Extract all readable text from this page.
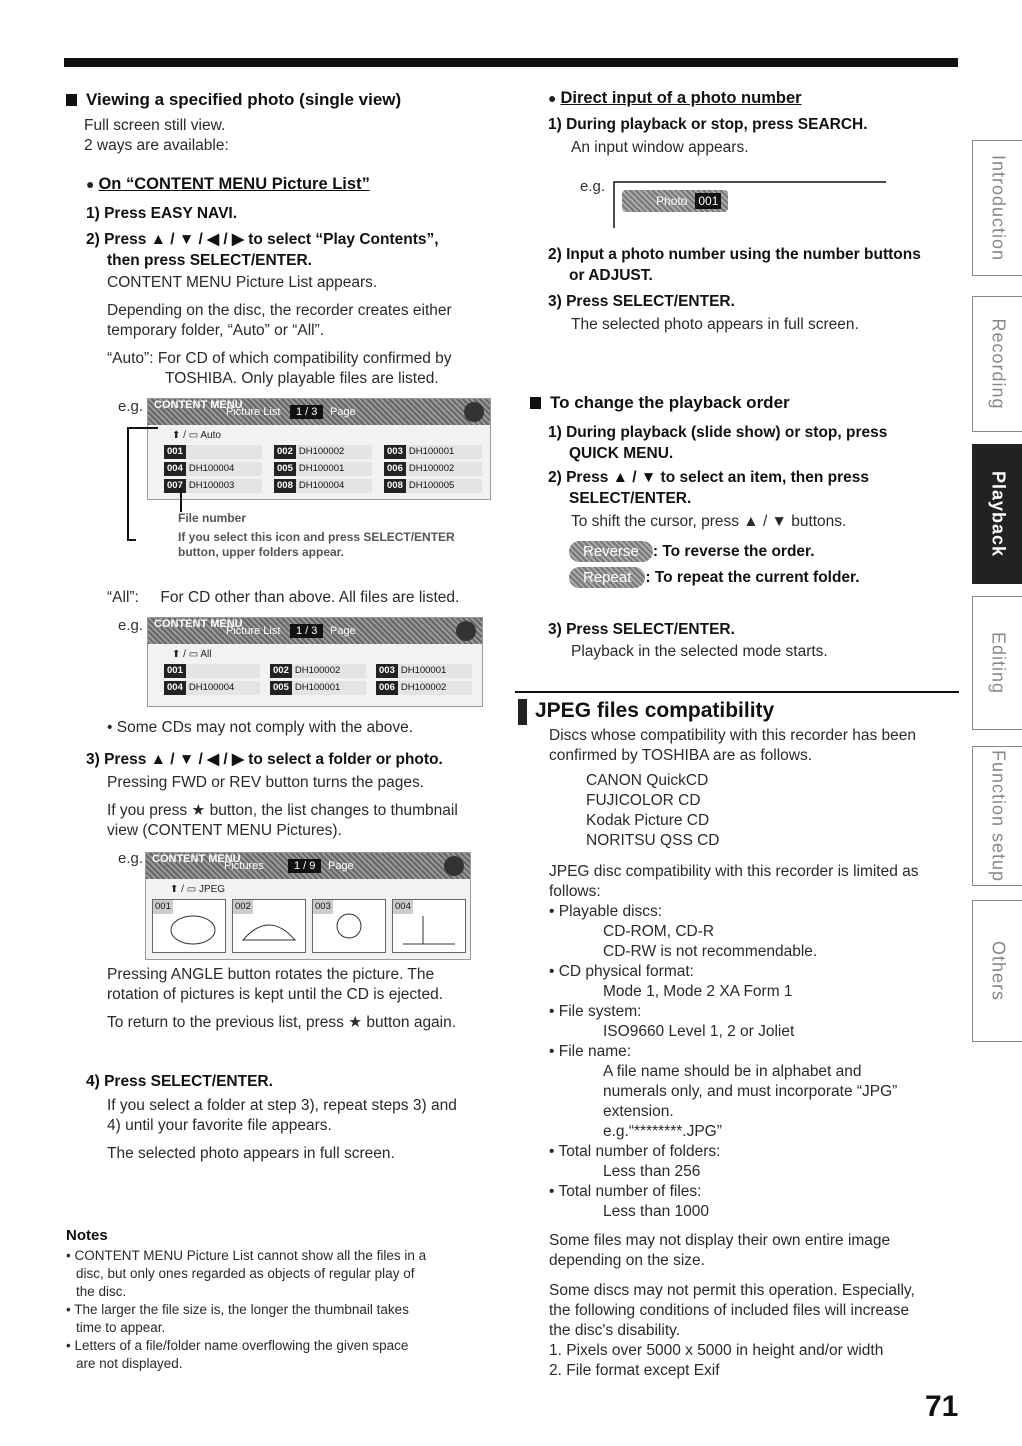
Viewing a specified photo (single view)
Full screen still view.
2 ways are available:
● On “CONTENT MENU Picture List”
1) Press EASY NAVI.
2) Press ▲ / ▼ / ◀ / ▶ to select “Play Contents”,
then press SELECT/ENTER.
CONTENT MENU Picture List appears.
Depending on the disc, the recorder creates either
temporary folder, “Auto” or “All”.
“Auto”: For CD of which compatibility confirmed by
TOSHIBA. Only playable files are listed.
e.g. CONTENT MENU
Picture List	1 / 3	Page
⬆ / ▭ Auto
001	002 DH100002	003 DH100001
004 DH100004	005 DH100001	006 DH100002
007 DH100003	008 DH100004	008 DH100005
File number
If you select this icon and press SELECT/ENTER
button, upper folders appear.
“All”:     For CD other than above. All files are listed.
e.g. CONTENT MENU
Picture List	1 / 3	Page
⬆ / ▭ All
001	002 DH100002	003 DH100001
004 DH100004	005 DH100001	006 DH100002
• Some CDs may not comply with the above.
3) Press ▲ / ▼ / ◀ / ▶ to select a folder or photo.
Pressing FWD or REV button turns the pages.
If you press ★ button, the list changes to thumbnail
view (CONTENT MENU Pictures).
e.g. CONTENT MENU
Pictures	1 / 9	Page
⬆ / ▭ JPEG
001	002	003	004
Pressing ANGLE button rotates the picture. The
rotation of pictures is kept until the CD is ejected.
To return to the previous list, press ★ button again.
4) Press SELECT/ENTER.
If you select a folder at step 3), repeat steps 3) and
4) until your favorite file appears.
The selected photo appears in full screen.
Notes
• CONTENT MENU Picture List cannot show all the files in a
disc, but only ones regarded as objects of regular play of
the disc.
• The larger the file size is, the longer the thumbnail takes
time to appear.
• Letters of a file/folder name overflowing the given space
are not displayed.
● Direct input of a photo number
1) During playback or stop, press SEARCH.
An input window appears.
e.g.
Photo 001
2) Input a photo number using the number buttons
or ADJUST.
3) Press SELECT/ENTER.
The selected photo appears in full screen.
To change the playback order
1) During playback (slide show) or stop, press
QUICK MENU.
2) Press ▲ / ▼ to select an item, then press
SELECT/ENTER.
To shift the cursor, press ▲ / ▼ buttons.
Reverse : To reverse the order.
Repeat : To repeat the current folder.
3) Press SELECT/ENTER.
Playback in the selected mode starts.
JPEG files compatibility
Discs whose compatibility with this recorder has been
confirmed by TOSHIBA are as follows.
CANON QuickCD
FUJICOLOR CD
Kodak Picture CD
NORITSU QSS CD
JPEG disc compatibility with this recorder is limited as
follows:
• Playable discs:
CD-ROM, CD-R
CD-RW is not recommendable.
• CD physical format:
Mode 1, Mode 2 XA Form 1
• File system:
ISO9660 Level 1, 2 or Joliet
• File name:
A file name should be in alphabet and
numerals only, and must incorporate “JPG”
extension.
e.g.“********.JPG”
• Total number of folders:
Less than 256
• Total number of files:
Less than 1000
Some files may not display their own entire image
depending on the size.
Some discs may not permit this operation. Especially,
the following conditions of included files will increase
the disc's disability.
1. Pixels over 5000 x 5000 in height and/or width
2. File format except Exif
71
Introduction
Recording
Playback
Editing
Function setup
Others
